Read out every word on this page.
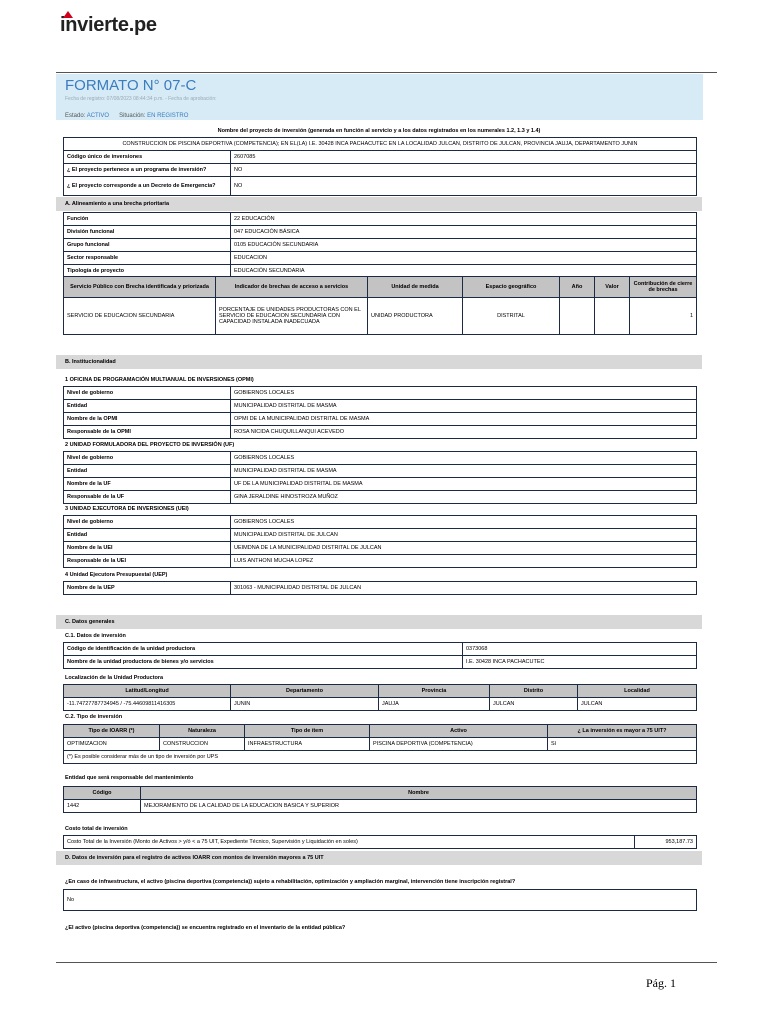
invierte.pe
FORMATO N° 07-C
Fecha de registro: 07/08/2023 08:44:34 p.m. - Fecha de aprobación:
Estado: ACTIVO Situación: EN REGISTRO
Nombre del proyecto de inversión (generada en función al servicio y a los datos registrados en los numerales 1.2, 1.3 y 1.4)
CONSTRUCCION DE PISCINA DEPORTIVA (COMPETENCIA); EN EL(LA) I.E. 30428 INCA PACHACUTEC EN LA LOCALIDAD JULCAN, DISTRITO DE JULCAN, PROVINCIA JAUJA, DEPARTAMENTO JUNIN	
Código único de inversiones	2607085
¿ El proyecto pertenece a un programa de inversión?	NO
¿ El proyecto corresponde a un Decreto de Emergencia?	NO
A. Alineamiento a una brecha prioritaria
Función	22 EDUCACIÓN
División funcional	047 EDUCACIÓN BÁSICA
Grupo funcional	0105 EDUCACIÓN SECUNDARIA
Sector responsable	EDUCACION
Tipología de proyecto	EDUCACIÓN SECUNDARIA
Servicio Público con Brecha identificada y priorizada	Indicador de brechas de acceso a servicios	Unidad de medida	Espacio geográfico	Año	Valor	Contribución de cierre de brechas
SERVICIO DE EDUCACION SECUNDARIA	PORCENTAJE DE UNIDADES PRODUCTORAS CON EL SERVICIO DE EDUCACION SECUNDARIA CON CAPACIDAD INSTALADA INADECUADA	UNIDAD PRODUCTORA	DISTRITAL			1
B. Institucionalidad
1 OFICINA DE PROGRAMACIÓN MULTIANUAL DE INVERSIONES (OPMI)
Nivel de gobierno	GOBIERNOS LOCALES
Entidad	MUNICIPALIDAD DISTRITAL DE MASMA
Nombre de la OPMI	OPMI DE LA MUNICIPALIDAD DISTRITAL DE MASMA
Responsable de la OPMI	ROSA NICIDA CHUQUILLANQUI ACEVEDO
2 UNIDAD FORMULADORA DEL PROYECTO DE INVERSIÓN (UF)
Nivel de gobierno	GOBIERNOS LOCALES
Entidad	MUNICIPALIDAD DISTRITAL DE MASMA
Nombre de la UF	UF DE LA MUNICIPALIDAD DISTRITAL DE MASMA
Responsable de la UF	GINA JERALDINE HINOSTROZA MUÑOZ
3 UNIDAD EJECUTORA DE INVERSIONES (UEI)
Nivel de gobierno	GOBIERNOS LOCALES
Entidad	MUNICIPALIDAD DISTRITAL DE JULCAN
Nombre de la UEI	UEIMDNA DE LA MUNICIPALIDAD DISTRITAL DE JULCAN
Responsable de la UEI	LUIS ANTHONI MUCHA LOPEZ
4 Unidad Ejecutora Presupuestal (UEP)
Nombre de la UEP	301063 - MUNICIPALIDAD DISTRITAL DE JULCAN
C. Datos generales
C.1. Datos de inversión
Código de identificación de la unidad productora	0373068
Nombre de la unidad productora de bienes y/o servicios	I.E. 30428 INCA PACHACUTEC
Localización de la Unidad Productora
Latitud/Longitud	Departamento	Provincia	Distrito	Localidad
-11.74727787734945 / -75.4460981141630​5	JUNIN	JAUJA	JULCAN	JULCAN
C.2. Tipo de inversión
Tipo de IOARR (*)	Naturaleza	Tipo de ítem	Activo	¿ La inversión es mayor a 75 UIT?
OPTIMIZACION	CONSTRUCCION	INFRAESTRUCTURA	PISCINA DEPORTIVA (COMPETENCIA)	Sí
(*) Es posible considerar más de un tipo de inversión por UPS				
Entidad que será responsable del mantenimiento
Código	Nombre
1442	MEJORAMIENTO DE LA CALIDAD DE LA EDUCACION BASICA Y SUPERIOR
Costo total de inversión
Costo Total de la Inversión (Monto de Activos > y/ó < a 75 UIT, Expediente Técnico, Supervisión y Liquidación en soles)	953,187.73
D. Datos de inversión para el registro de activos IOARR con montos de inversión mayores a 75 UIT
¿En caso de infraestructura, el activo (piscina deportiva (competencia)) sujeto a rehabilitación, optimización y ampliación marginal, intervención tiene inscripción registral?
No
¿El activo (piscina deportiva (competencia)) se encuentra registrado en el inventario de la entidad pública?
Pág. 1
